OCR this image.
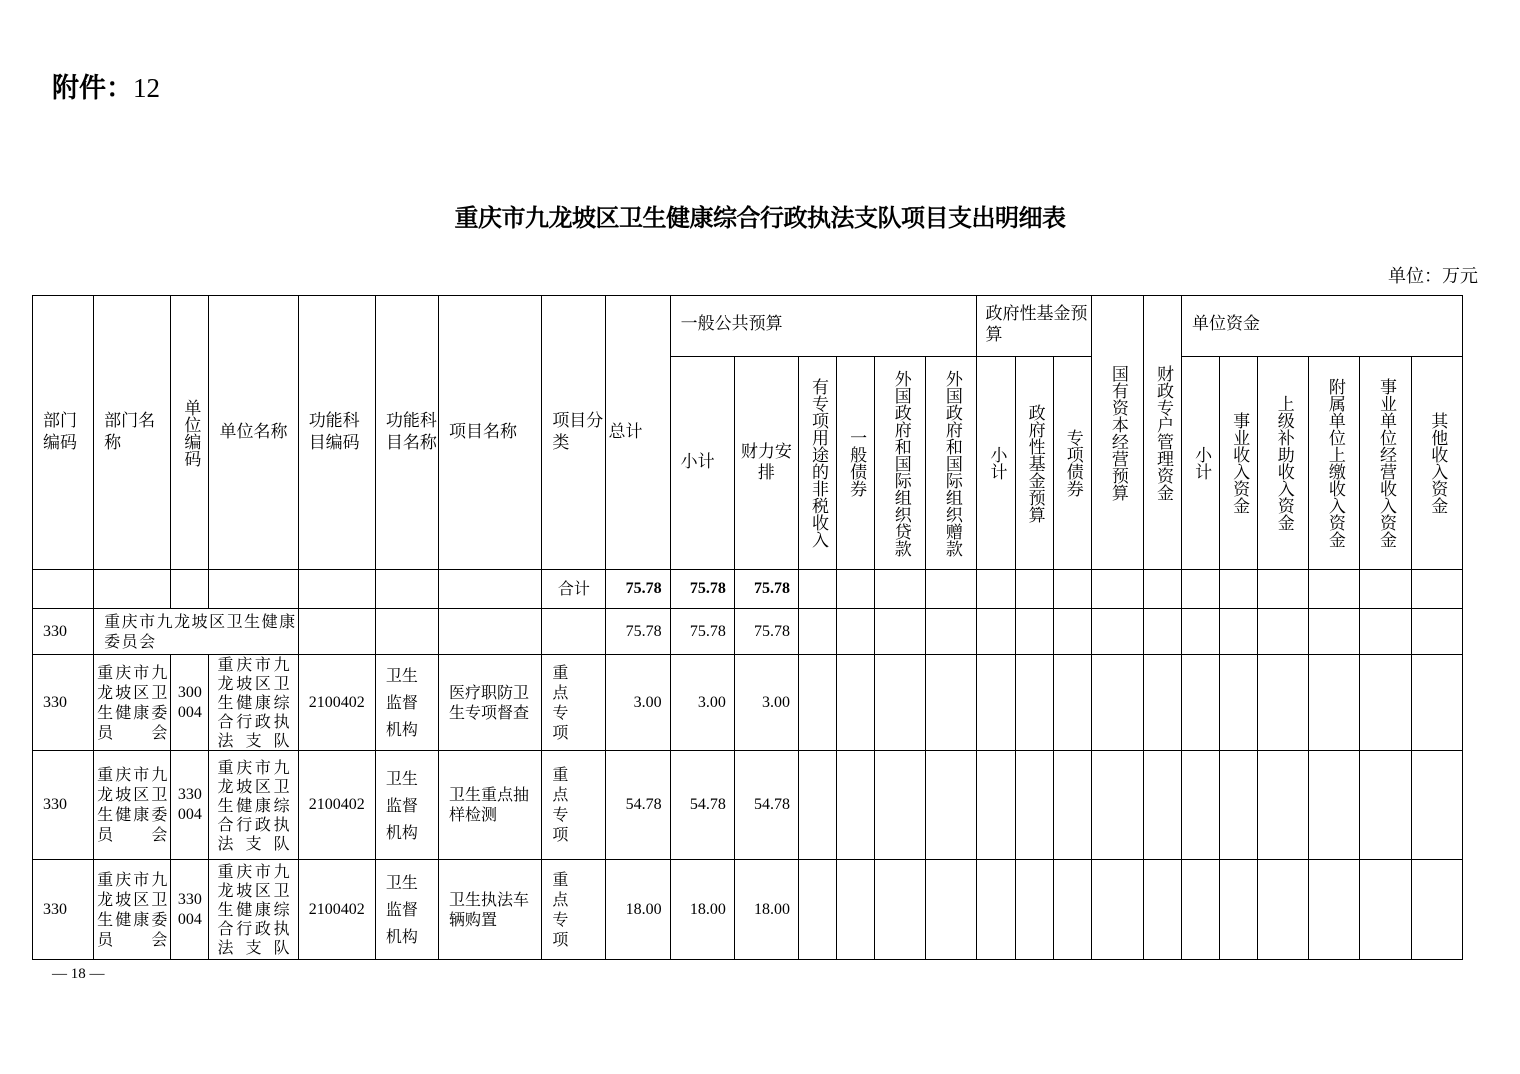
附件：12
重庆市九龙坡区卫生健康综合行政执法支队项目支出明细表
单位：万元
部门编码	部门名称	单位编码	单位名称	功能科目编码	功能科目名称	项目名称	项目分类	总计	一般公共预算						政府性基金预算			国有资本经营预算	财政专户管理资金	单位资金					
									小计	财力安排	有专项用途的非税收入	一般债券	外国政府和国际组织贷款	外国政府和国际组织赠款	小计	政府性基金预算	专项债券			小计	事业收入资金	上级补助收入资金	附属单位上缴收入资金	事业单位经营收入资金	其他收入资金

							合计	75.78	75.78	75.78															
330	重庆市九龙坡区卫生健康委员会							75.78	75.78	75.78															
330	重庆市九龙坡区卫生健康委员会	300004	重庆市九龙坡区卫生健康综合行政执法支队	2100402	卫生监督机构	医疗职防卫生专项督查	重点专项	3.00	3.00	3.00															
330	重庆市九龙坡区卫生健康委员会	330004	重庆市九龙坡区卫生健康综合行政执法支队	2100402	卫生监督机构	卫生重点抽样检测	重点专项	54.78	54.78	54.78															
330	重庆市九龙坡区卫生健康委员会	330004	重庆市九龙坡区卫生健康综合行政执法支队	2100402	卫生监督机构	卫生执法车辆购置	重点专项	18.00	18.00	18.00															
— 18 —
